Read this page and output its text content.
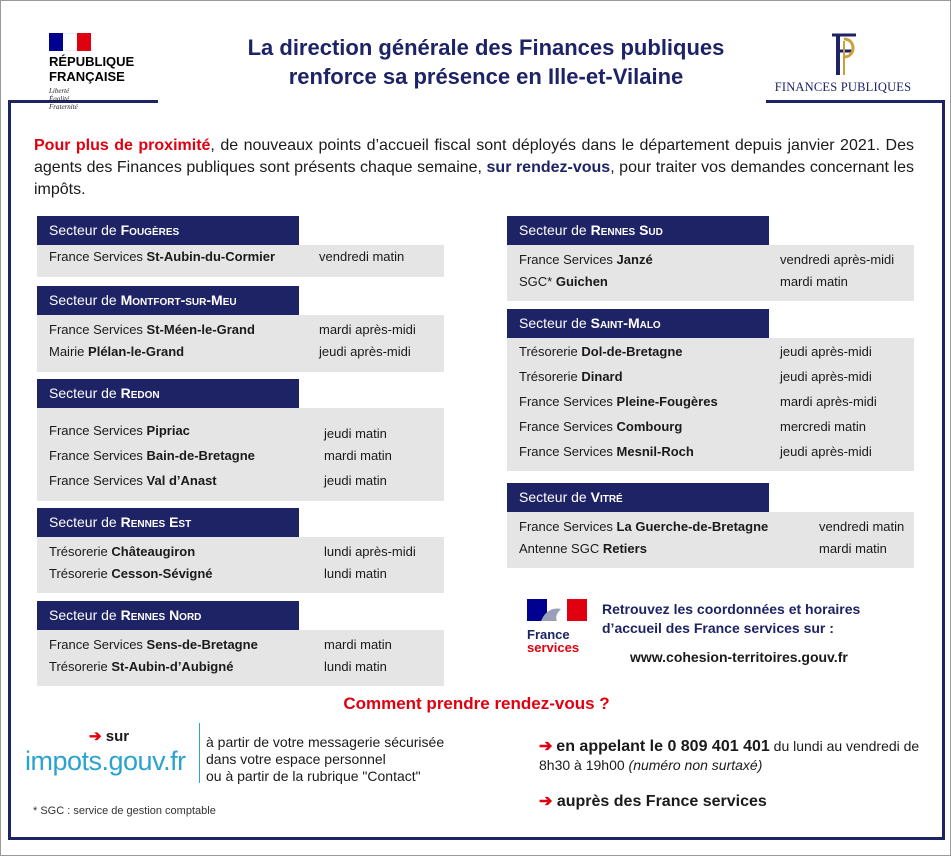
RÉPUBLIQUE
FRANÇAISE
Liberté
Égalité
Fraternité
La direction générale des Finances publiques
renforce sa présence en Ille-et-Vilaine	FINANCES PUBLIQUES
Pour plus de proximité, de nouveaux points d’accueil fiscal sont déployés dans le département depuis janvier 2021. Des agents des Finances publiques sont présents chaque semaine, sur rendez-vous, pour traiter vos demandes concernant les impôts.
Secteur de Fougères
France Services St-Aubin-du-Cormier	vendredi matin
Secteur de Montfort-sur-Meu
France Services St-Méen-le-Grand	mardi après-midi
Mairie Plélan-le-Grand	jeudi après-midi
Secteur de Redon
France Services Pipriac	jeudi matin
France Services Bain-de-Bretagne	mardi matin
France Services Val d’Anast	jeudi matin
Secteur de Rennes Est
Trésorerie Châteaugiron	lundi après-midi
Trésorerie Cesson-Sévigné	lundi matin
Secteur de Rennes Nord
France Services Sens-de-Bretagne	mardi matin
Trésorerie St-Aubin-d’Aubigné	lundi matin
Secteur de Rennes Sud
France Services Janzé	vendredi après-midi
SGC* Guichen	mardi matin
Secteur de Saint-Malo
Trésorerie Dol-de-Bretagne	jeudi après-midi
Trésorerie Dinard	jeudi après-midi
France Services Pleine-Fougères	mardi après-midi
France Services Combourg	mercredi matin
France Services Mesnil-Roch	jeudi après-midi
Secteur de Vitré
France Services La Guerche-de-Bretagne	vendredi matin
Antenne SGC Retiers	mardi matin
France
services
Retrouvez les coordonnées et horaires d’accueil des France services sur :
www.cohesion-territoires.gouv.fr
Comment prendre rendez-vous ?
➔ sur
impots.gouv.fr
à partir de votre messagerie sécurisée
dans votre espace personnel
ou à partir de la rubrique "Contact"
➔ en appelant le 0 809 401 401 du lundi au vendredi de 8h30 à 19h00 (numéro non surtaxé)
➔ auprès des France services
* SGC : service de gestion comptable
